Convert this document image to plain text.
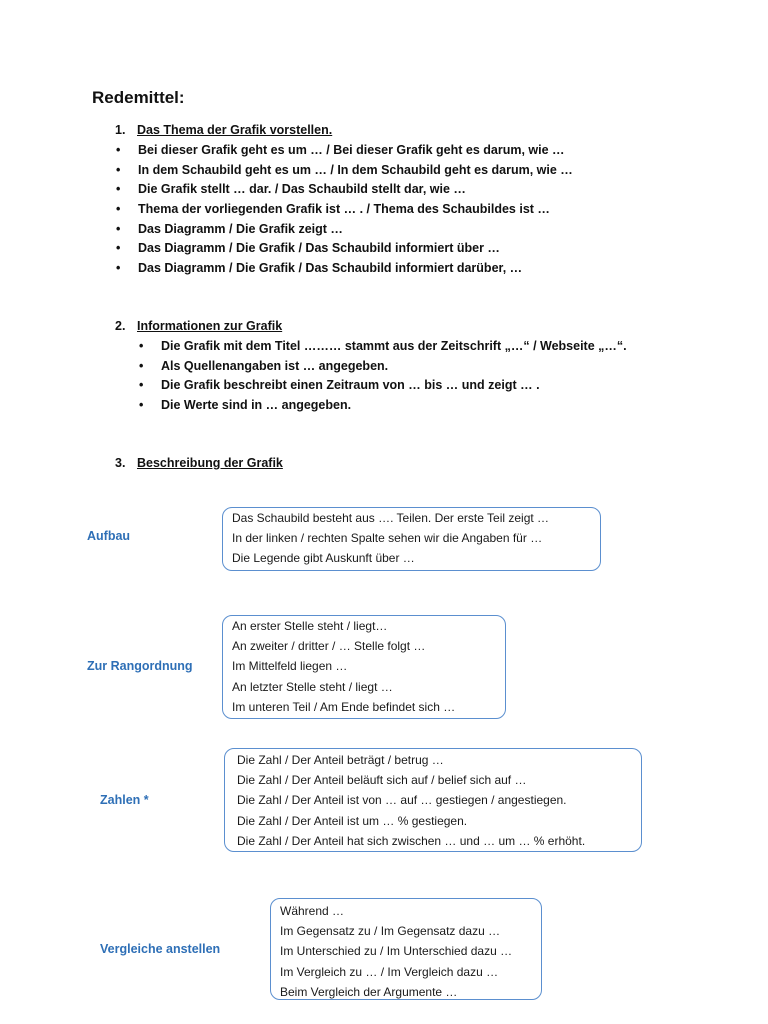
Redemittel:

1. Das Thema der Grafik vorstellen.

• Bei dieser Grafik geht es um … / Bei dieser Grafik geht es darum, wie …
• In dem Schaubild geht es um … / In dem Schaubild geht es darum, wie …
• Die Grafik stellt … dar. / Das Schaubild stellt dar, wie …
• Thema der vorliegenden Grafik ist … . / Thema des Schaubildes ist …
• Das Diagramm / Die Grafik zeigt …
• Das Diagramm / Die Grafik / Das Schaubild informiert über …
• Das Diagramm / Die Grafik / Das Schaubild informiert darüber, …

2. Informationen zur Grafik

• Die Grafik mit dem Titel ……… stammt aus der Zeitschrift „…“ / Webseite „…“.
• Als Quellenangaben ist … angegeben.
• Die Grafik beschreibt einen Zeitraum von … bis … und zeigt … .
• Die Werte sind in … angegeben.

3. Beschreibung der Grafik

Aufbau
Das Schaubild besteht aus …. Teilen. Der erste Teil zeigt …
In der linken / rechten Spalte sehen wir die Angaben für …
Die Legende gibt Auskunft über …
Zur Rangordnung
An erster Stelle steht / liegt…
An zweiter / dritter / … Stelle folgt …
Im Mittelfeld liegen …
An letzter Stelle steht / liegt …
Im unteren Teil / Am Ende befindet sich …
Zahlen *
Die Zahl / Der Anteil beträgt / betrug …
Die Zahl / Der Anteil beläuft sich auf / belief sich auf …
Die Zahl / Der Anteil ist von … auf … gestiegen / angestiegen.
Die Zahl / Der Anteil ist um … % gestiegen.
Die Zahl / Der Anteil hat sich zwischen … und … um … % erhöht.
Vergleiche anstellen
Während …
Im Gegensatz zu / Im Gegensatz dazu …
Im Unterschied zu / Im Unterschied dazu …
Im Vergleich zu … / Im Vergleich dazu …
Beim Vergleich der Argumente …
